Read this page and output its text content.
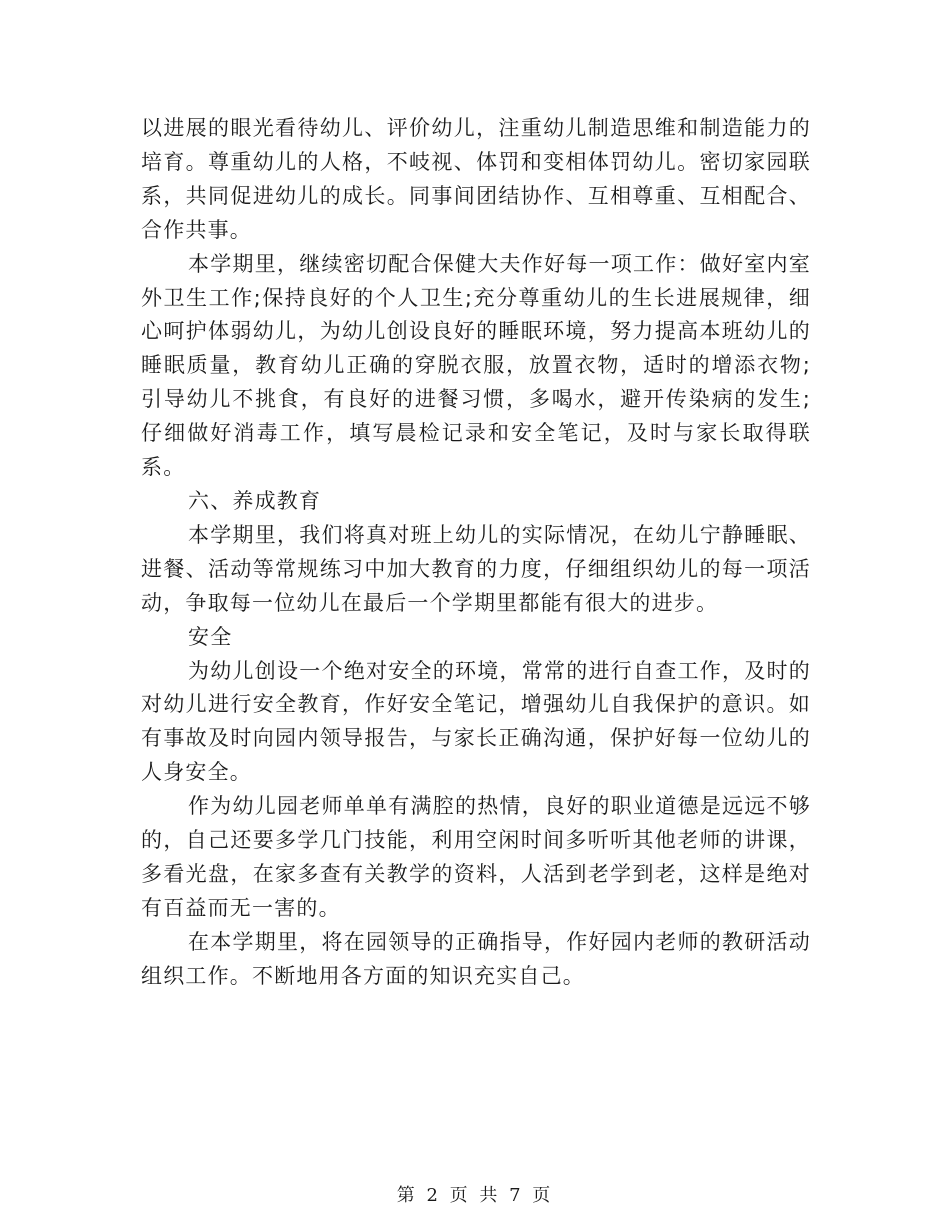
以进展的眼光看待幼儿、评价幼儿，注重幼儿制造思维和制造能力的培育。尊重幼儿的人格，不岐视、体罚和变相体罚幼儿。密切家园联系，共同促进幼儿的成长。同事间团结协作、互相尊重、互相配合、合作共事。

本学期里，继续密切配合保健大夫作好每一项工作：做好室内室外卫生工作;保持良好的个人卫生;充分尊重幼儿的生长进展规律，细心呵护体弱幼儿，为幼儿创设良好的睡眠环境，努力提高本班幼儿的睡眠质量，教育幼儿正确的穿脱衣服，放置衣物，适时的增添衣物;引导幼儿不挑食，有良好的进餐习惯，多喝水，避开传染病的发生;仔细做好消毒工作，填写晨检记录和安全笔记，及时与家长取得联系。

六、养成教育

本学期里，我们将真对班上幼儿的实际情况，在幼儿宁静睡眠、进餐、活动等常规练习中加大教育的力度，仔细组织幼儿的每一项活动，争取每一位幼儿在最后一个学期里都能有很大的进步。

安全

为幼儿创设一个绝对安全的环境，常常的进行自查工作，及时的对幼儿进行安全教育，作好安全笔记，增强幼儿自我保护的意识。如有事故及时向园内领导报告，与家长正确沟通，保护好每一位幼儿的人身安全。

作为幼儿园老师单单有满腔的热情，良好的职业道德是远远不够的，自己还要多学几门技能，利用空闲时间多听听其他老师的讲课，多看光盘，在家多查有关教学的资料，人活到老学到老，这样是绝对有百益而无一害的。

在本学期里，将在园领导的正确指导，作好园内老师的教研活动组织工作。不断地用各方面的知识充实自己。

第 2 页 共 7 页
